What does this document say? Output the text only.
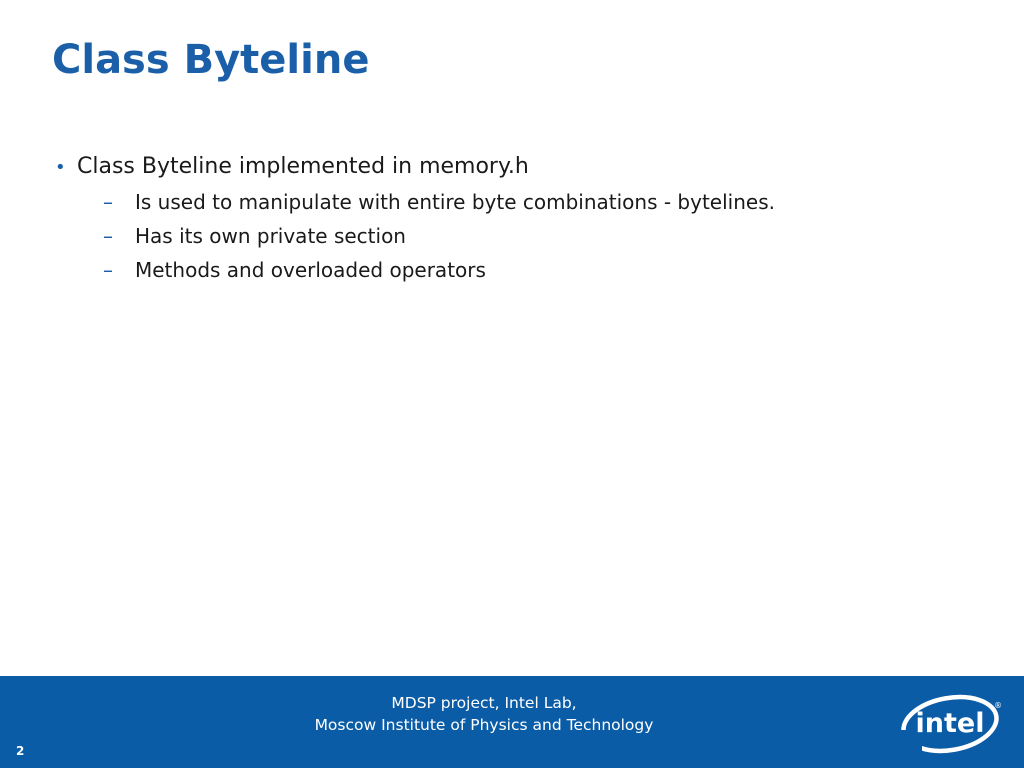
Class Byteline
• Class Byteline implemented in memory.h
–	Is used to manipulate with entire byte combinations - bytelines.
–	Has its own private section
–	Methods and overloaded operators
MDSP project, Intel Lab,
Moscow Institute of Physics and Technology
2
intel
®
